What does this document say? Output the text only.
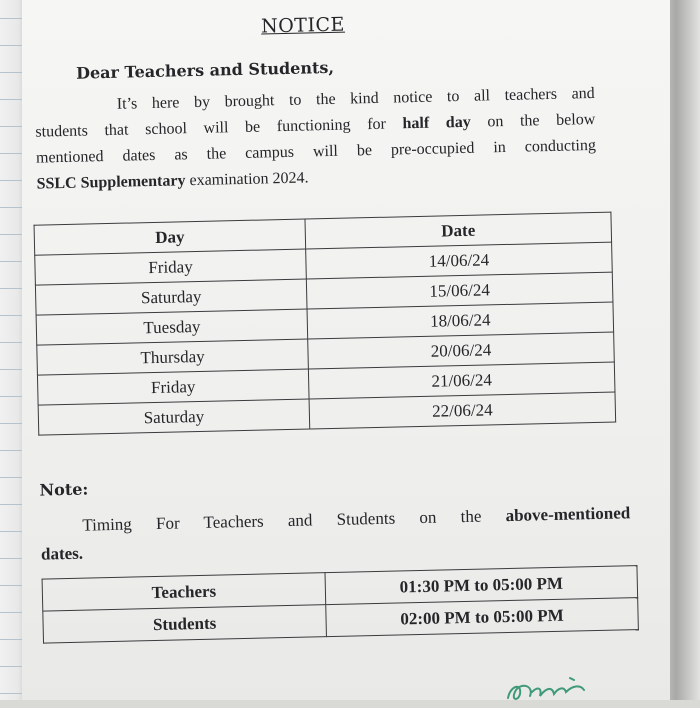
NOTICE
Dear Teachers and Students,
It’s here by brought to the kind notice to all teachers and
students that school will be functioning for half day on the below
mentioned dates as the campus will be pre-occupied in conducting
SSLC Supplementary examination 2024.
Day	Date
Friday	14/06/24
Saturday	15/06/24
Tuesday	18/06/24
Thursday	20/06/24
Friday	21/06/24
Saturday	22/06/24
Note:
Timing For Teachers and Students on the above-mentioned
dates.
Teachers	01:30 PM to 05:00 PM
Students	02:00 PM to 05:00 PM
